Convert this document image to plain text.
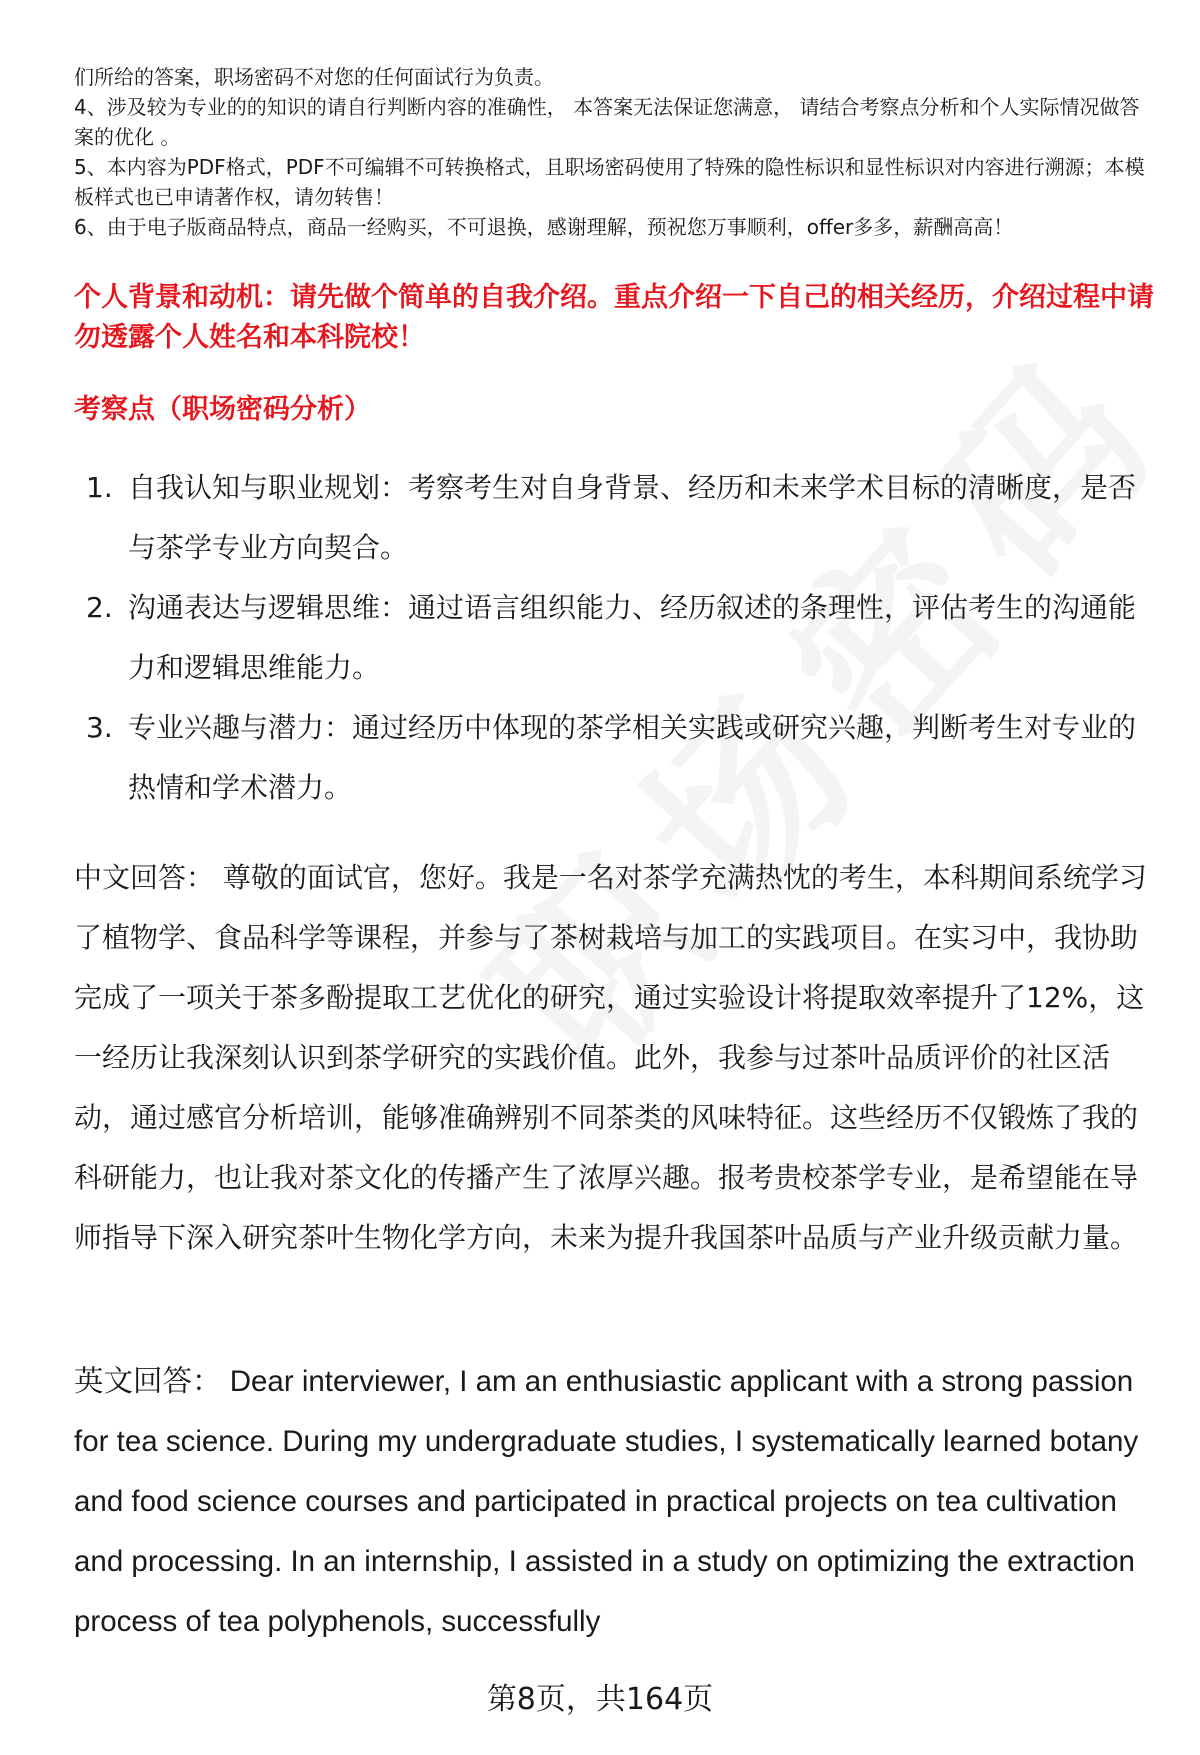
们所给的答案，职场密码不对您的任何面试行为负责。

4、涉及较为专业的的知识的请自行判断内容的准确性， 本答案无法保证您满意， 请结合考察点分析和个人实际情况做答案的优化 。

5、本内容为PDF格式，PDF不可编辑不可转换格式，且职场密码使用了特殊的隐性标识和显性标识对内容进行溯源；本模板样式也已申请著作权，请勿转售！

6、由于电子版商品特点，商品一经购买，不可退换，感谢理解，预祝您万事顺利，offer多多，薪酬高高！

个人背景和动机：请先做个简单的自我介绍。重点介绍一下自己的相关经历，介绍过程中请勿透露个人姓名和本科院校！
考察点（职场密码分析）
1. 自我认知与职业规划：考察考生对自身背景、经历和未来学术目标的清晰度，是否与茶学专业方向契合。
2. 沟通表达与逻辑思维：通过语言组织能力、经历叙述的条理性，评估考生的沟通能力和逻辑思维能力。
3. 专业兴趣与潜力：通过经历中体现的茶学相关实践或研究兴趣，判断考生对专业的热情和学术潜力。

中文回答： 尊敬的面试官，您好。我是一名对茶学充满热忱的考生，本科期间系统学习了植物学、食品科学等课程，并参与了茶树栽培与加工的实践项目。在实习中，我协助完成了一项关于茶多酚提取工艺优化的研究，通过实验设计将提取效率提升了12%，这一经历让我深刻认识到茶学研究的实践价值。此外，我参与过茶叶品质评价的社区活动，通过感官分析培训，能够准确辨别不同茶类的风味特征。这些经历不仅锻炼了我的科研能力，也让我对茶文化的传播产生了浓厚兴趣。报考贵校茶学专业，是希望能在导师指导下深入研究茶叶生物化学方向，未来为提升我国茶叶品质与产业升级贡献力量。

英文回答： Dear interviewer, I am an enthusiastic applicant with a strong passion for tea science. During my undergraduate studies, I systematically learned botany and food science courses and participated in practical projects on tea cultivation and processing. In an internship, I assisted in a study on optimizing the extraction process of tea polyphenols, successfully

第8页，共164页
